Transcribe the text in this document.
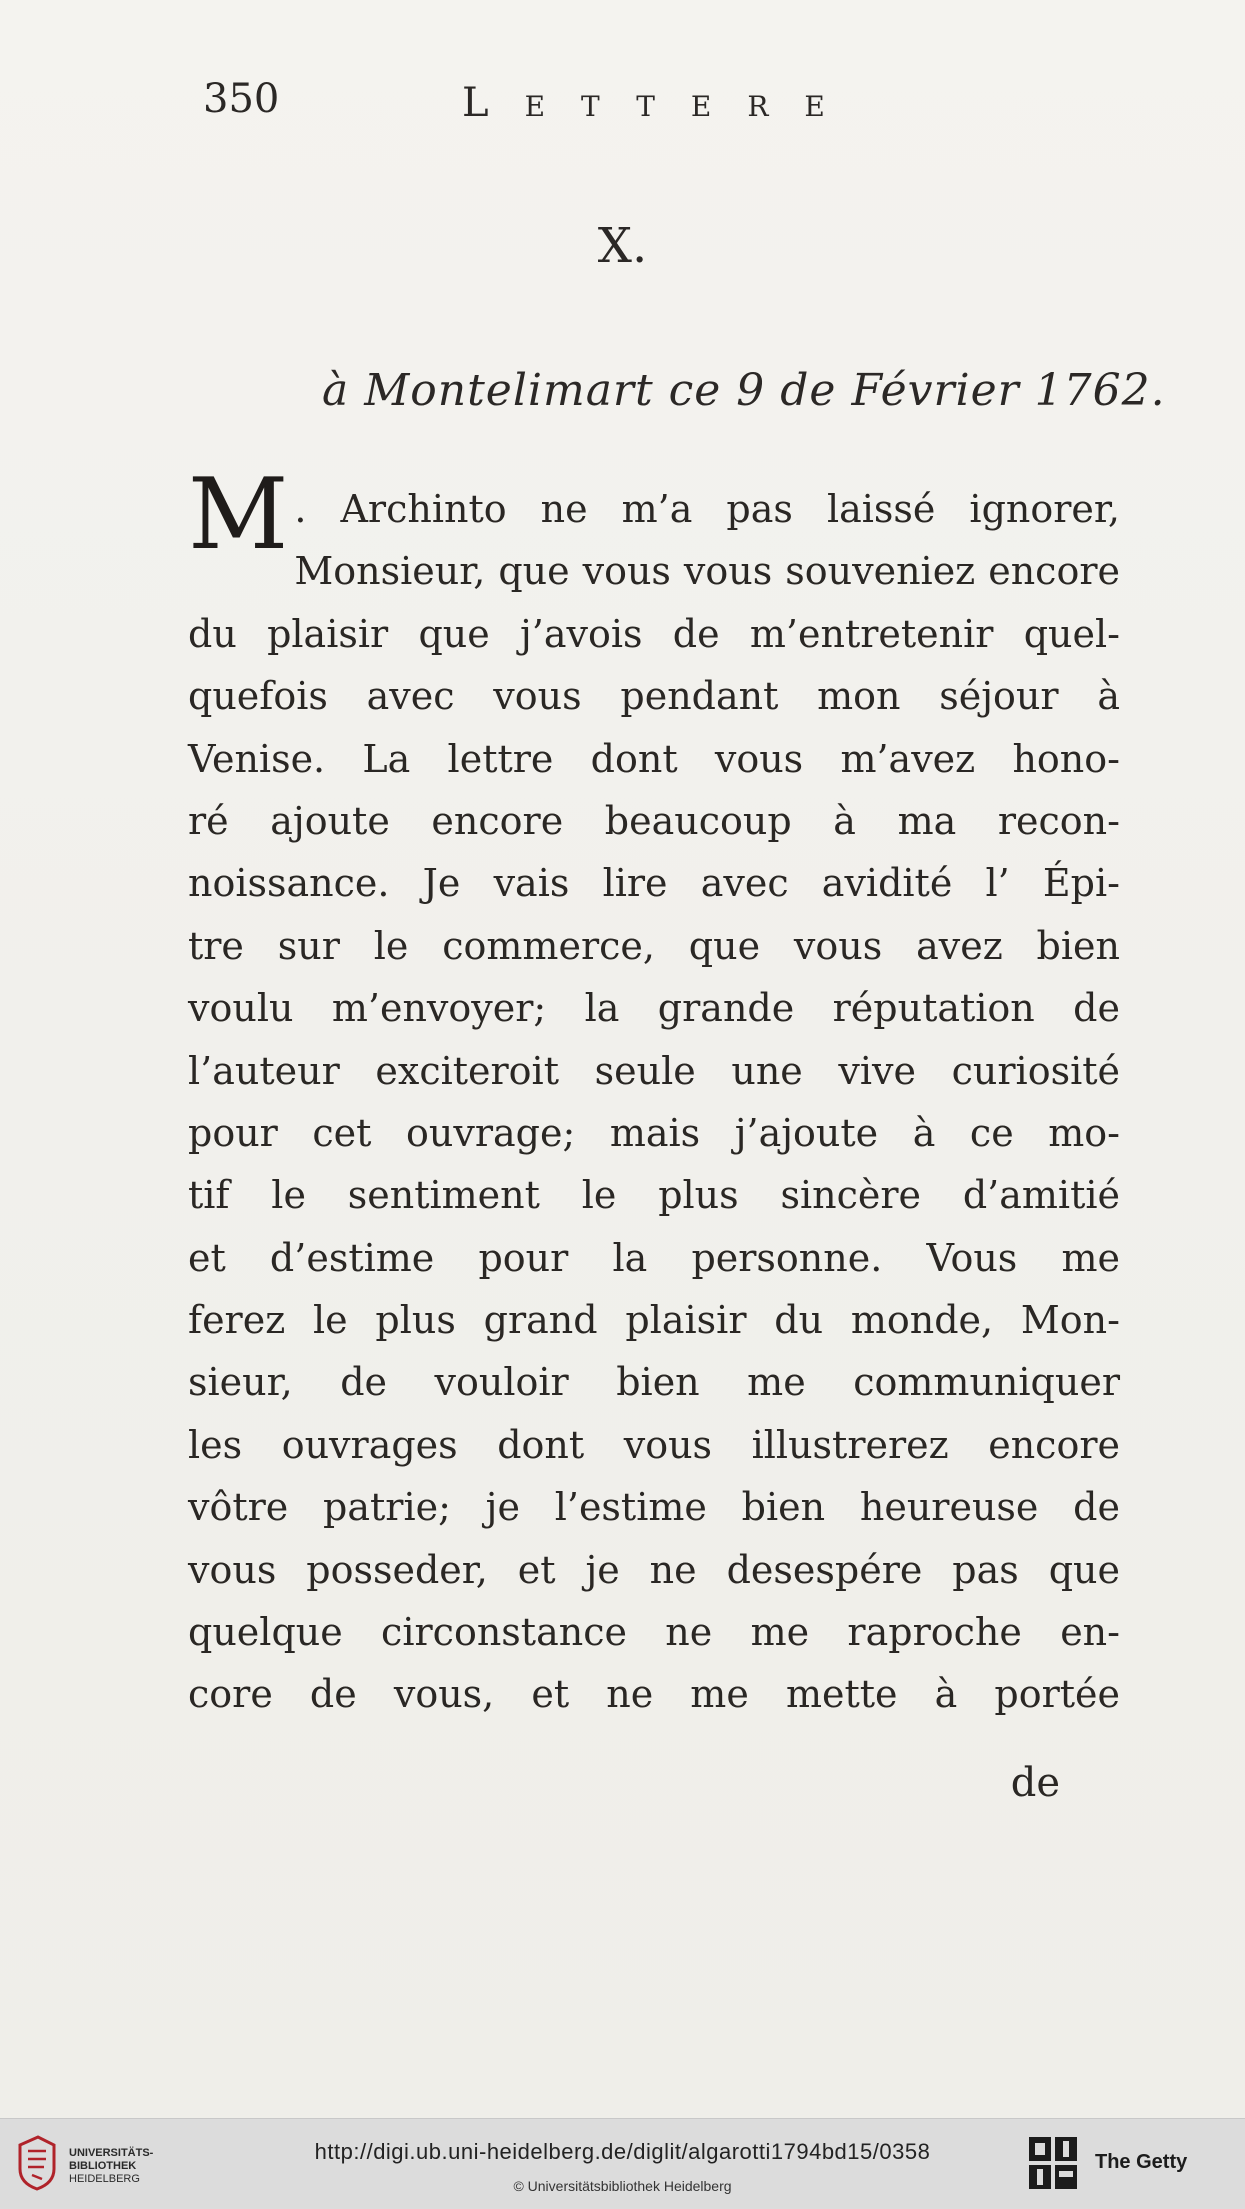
350	Lettere
X.
à Montelimart ce 9 de Février 1762.
M . Archinto ne m’a pas laissé ignorer,
Monsieur, que vous vous souveniez encore
du plaisir que j’avois de m’entretenir quel-
quefois avec vous pendant mon séjour à
Venise. La lettre dont vous m’avez hono-
ré ajoute encore beaucoup à ma recon-
noissance. Je vais lire avec avidité l’ Épi-
tre sur le commerce, que vous avez bien
voulu m’envoyer; la grande réputation de
l’auteur exciteroit seule une vive curiosité
pour cet ouvrage; mais j’ajoute à ce mo-
tif le sentiment le plus sincère d’amitié
et d’estime pour la personne. Vous me
ferez le plus grand plaisir du monde, Mon-
sieur, de vouloir bien me communiquer
les ouvrages dont vous illustrerez encore
vôtre patrie; je l’estime bien heureuse de
vous posseder, et je ne desespére pas que
quelque circonstance ne me raproche en-
core de vous, et ne me mette à portée
de
UNIVERSITÄTS-
BIBLIOTHEK
HEIDELBERG
http://digi.ub.uni-heidelberg.de/diglit/algarotti1794bd15/0358
© Universitätsbibliothek Heidelberg
The Getty
